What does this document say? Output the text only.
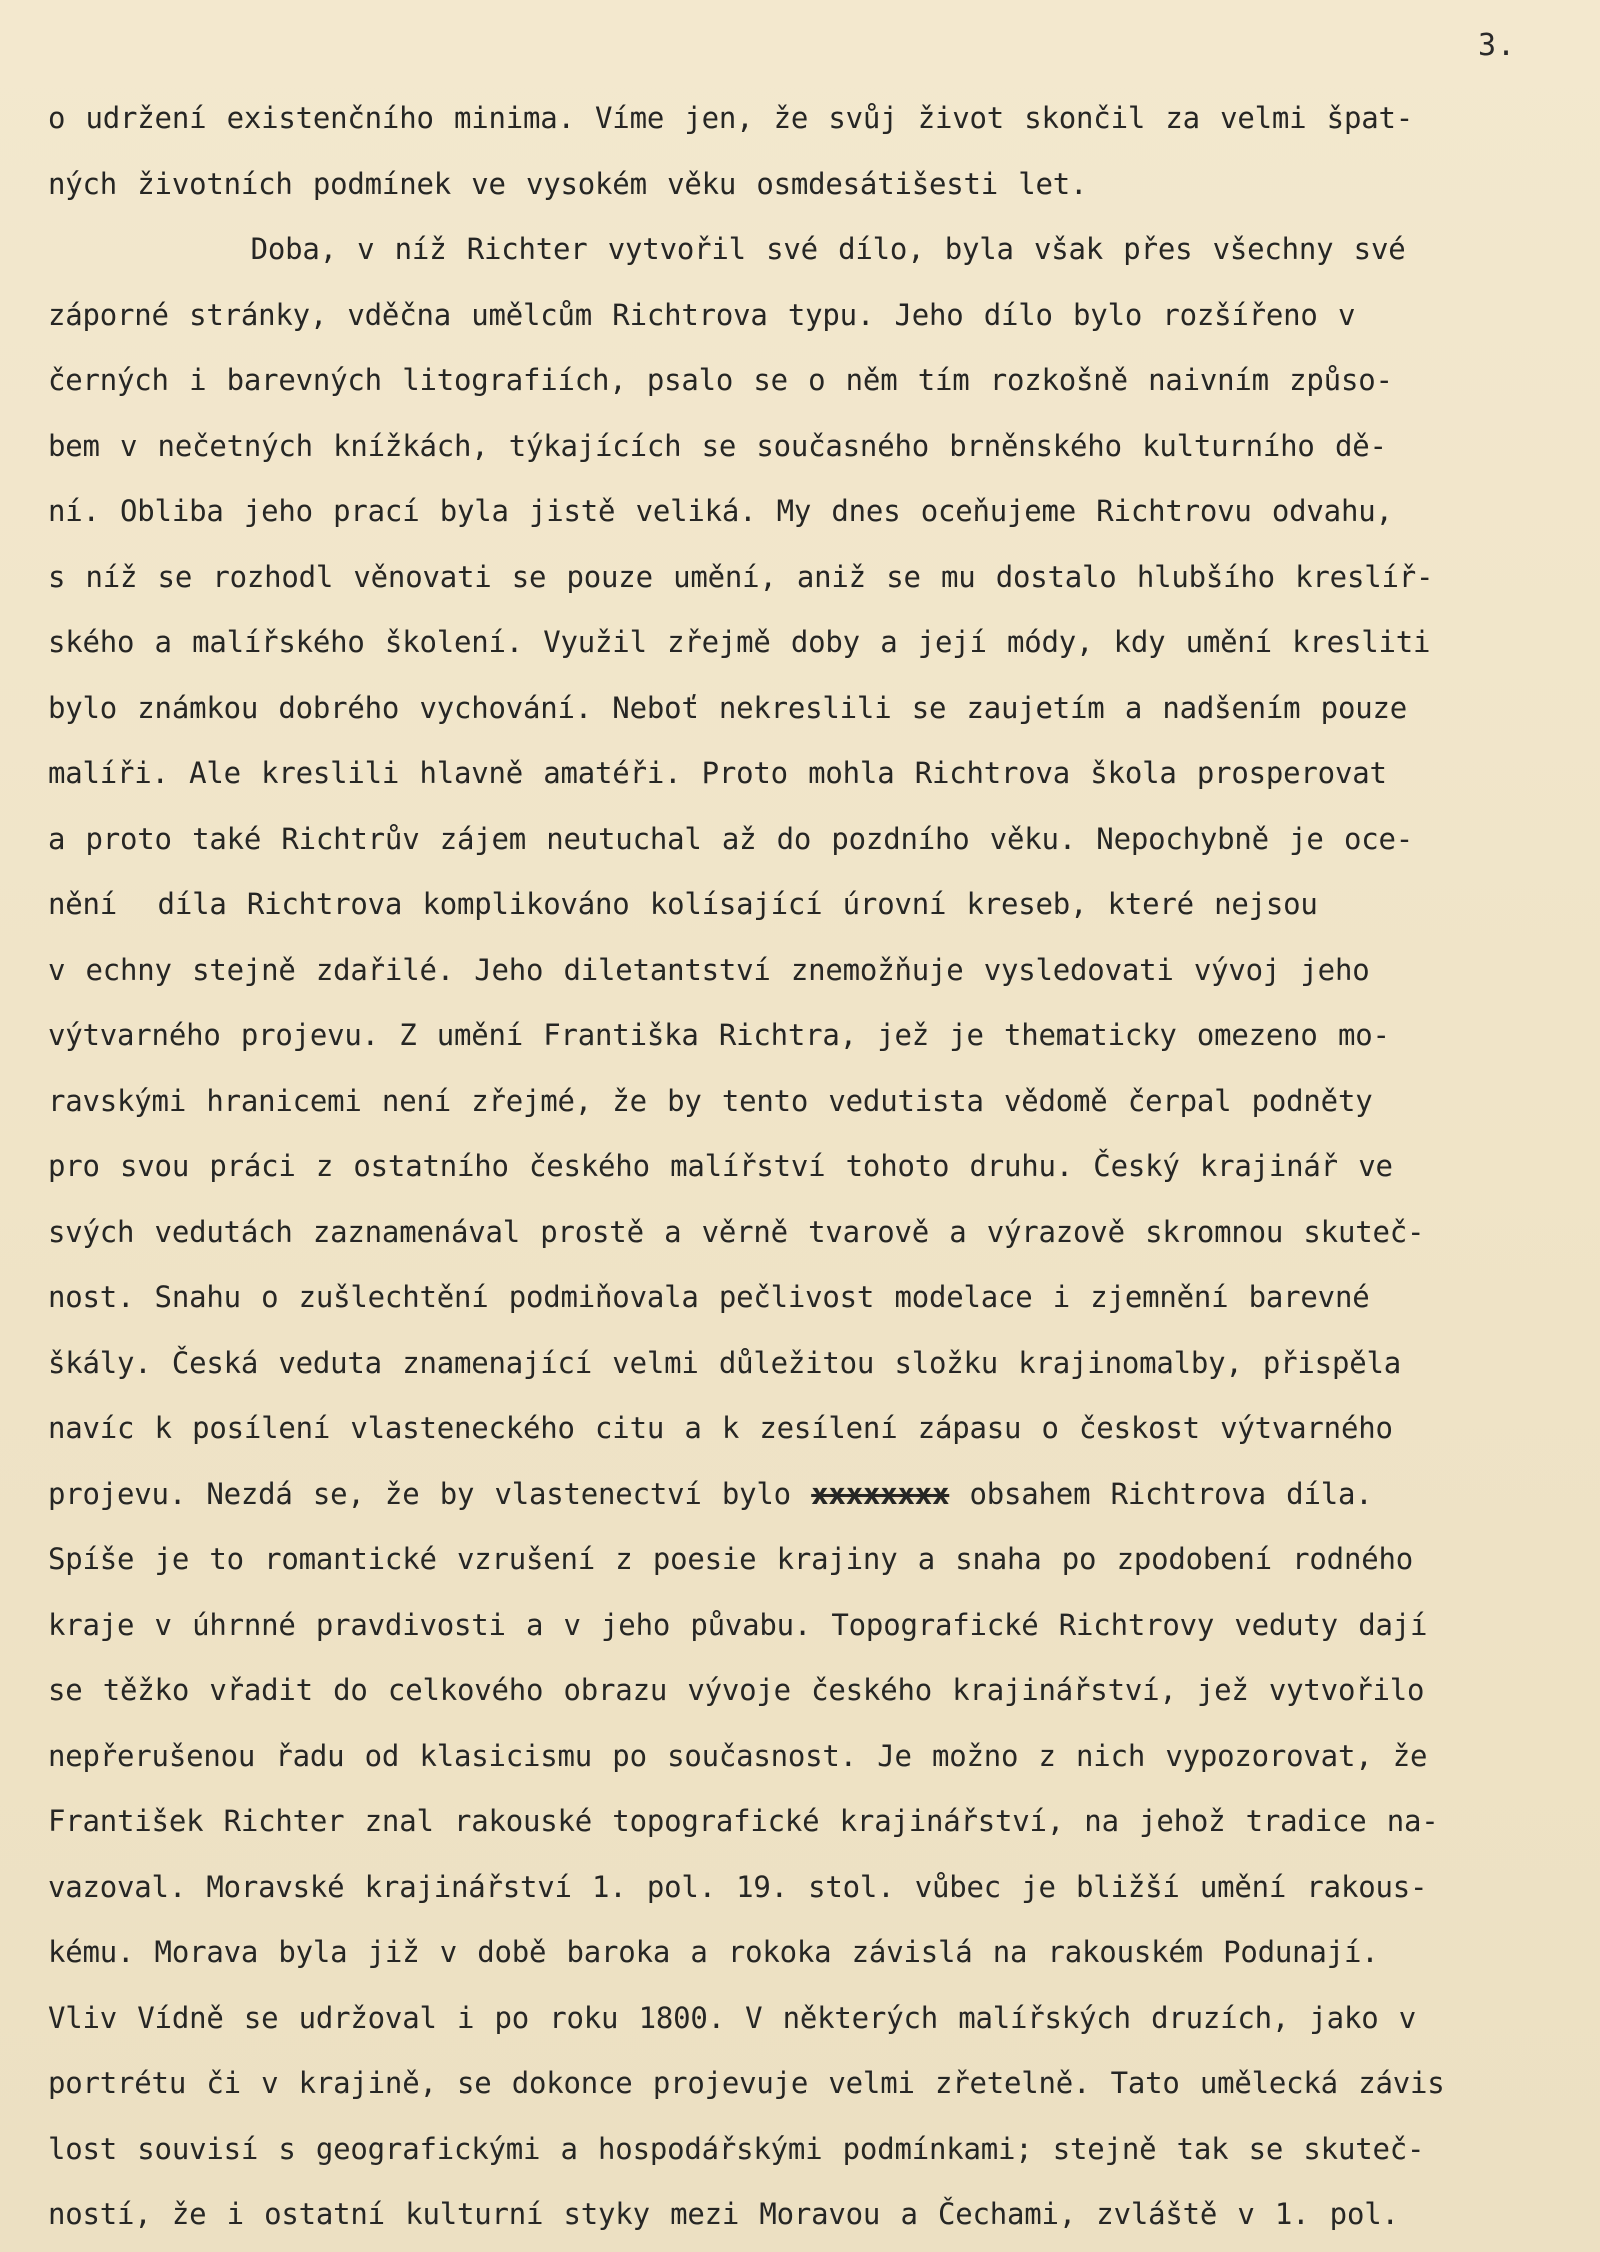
3.
o udržení existenčního minima. Víme jen, že svůj život skončil za velmi špat-
ných životních podmínek ve vysokém věku osmdesátišesti let.
Doba, v níž Richter vytvořil své dílo, byla však přes všechny své
záporné stránky, vděčna umělcům Richtrova typu. Jeho dílo bylo rozšířeno v
černých i barevných litografiích, psalo se o něm tím rozkošně naivním způso-
bem v nečetných knížkách, týkajících se současného brněnského kulturního dě-
ní. Obliba jeho prací byla jistě veliká. My dnes oceňujeme Richtrovu odvahu,
s níž se rozhodl věnovati se pouze umění, aniž se mu dostalo hlubšího kreslíř-
ského a malířského školení. Využil zřejmě doby a její módy, kdy umění kresliti
bylo známkou dobrého vychování. Neboť nekreslili se zaujetím a nadšením pouze
malíři. Ale kreslili hlavně amatéři. Proto mohla Richtrova škola prosperovat
a proto také Richtrův zájem neutuchal až do pozdního věku. Nepochybně je oce-
nění  díla Richtrova komplikováno kolísající úrovní kreseb, které nejsou
v echny stejně zdařilé. Jeho diletantství znemožňuje vysledovati vývoj jeho
výtvarného projevu. Z umění Františka Richtra, jež je thematicky omezeno mo-
ravskými hranicemi není zřejmé, že by tento vedutista vědomě čerpal podněty
pro svou práci z ostatního českého malířství tohoto druhu. Český krajinář ve
svých vedutách zaznamenával prostě a věrně tvarově a výrazově skromnou skuteč-
nost. Snahu o zušlechtění podmiňovala pečlivost modelace i zjemnění barevné
škály. Česká veduta znamenající velmi důležitou složku krajinomalby, přispěla
navíc k posílení vlasteneckého citu a k zesílení zápasu o českost výtvarného
projevu. Nezdá se, že by vlastenectví bylo xxxxxxxx obsahem Richtrova díla.
Spíše je to romantické vzrušení z poesie krajiny a snaha po zpodobení rodného
kraje v úhrnné pravdivosti a v jeho půvabu. Topografické Richtrovy veduty dají
se těžko vřadit do celkového obrazu vývoje českého krajinářství, jež vytvořilo
nepřerušenou řadu od klasicismu po současnost. Je možno z nich vypozorovat, že
František Richter znal rakouské topografické krajinářství, na jehož tradice na-
vazoval. Moravské krajinářství 1. pol. 19. stol. vůbec je bližší umění rakous-
kému. Morava byla již v době baroka a rokoka závislá na rakouském Podunají.
Vliv Vídně se udržoval i po roku 1800. V některých malířských druzích, jako v
portrétu či v krajině, se dokonce projevuje velmi zřetelně. Tato umělecká závis
lost souvisí s geografickými a hospodářskými podmínkami; stejně tak se skuteč-
ností, že i ostatní kulturní styky mezi Moravou a Čechami, zvláště v 1. pol.
